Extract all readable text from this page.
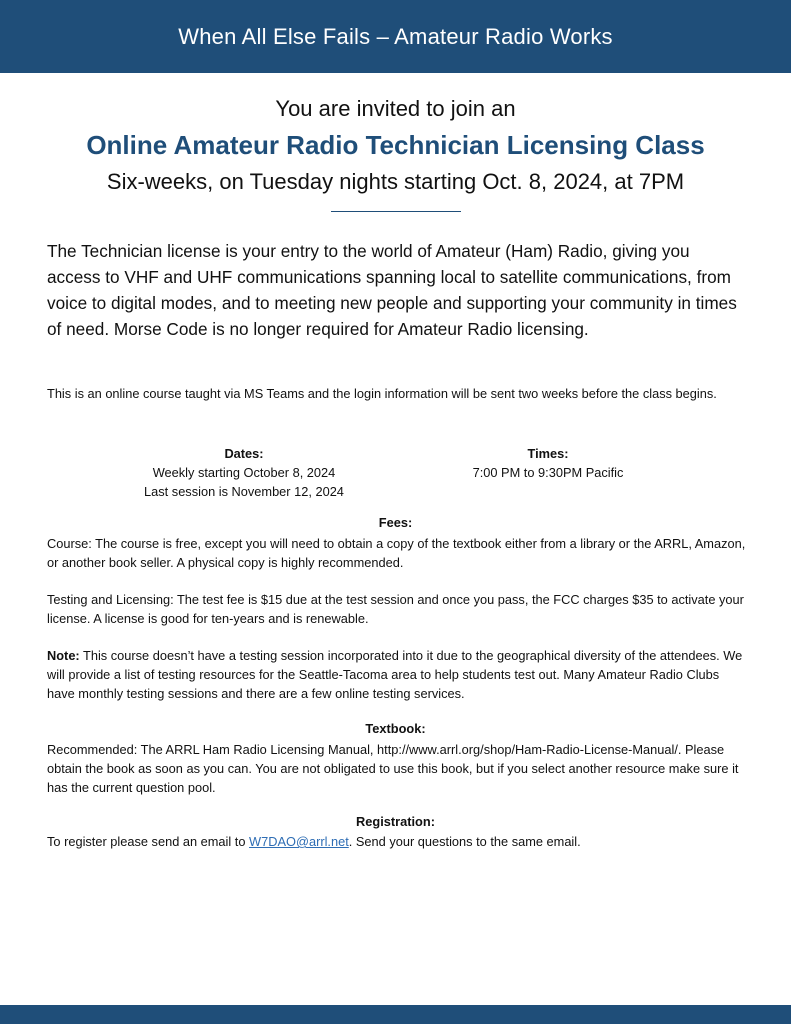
When All Else Fails – Amateur Radio Works
You are invited to join an
Online Amateur Radio Technician Licensing Class
Six-weeks, on Tuesday nights starting Oct. 8, 2024, at 7PM

The Technician license is your entry to the world of Amateur (Ham) Radio, giving you access to VHF and UHF communications spanning local to satellite communications, from voice to digital modes, and to meeting new people and supporting your community in times of need. Morse Code is no longer required for Amateur Radio licensing.

This is an online course taught via MS Teams and the login information will be sent two weeks before the class begins.

Dates:
Weekly starting October 8, 2024
Last session is November 12, 2024
Times:
7:00 PM to 9:30PM Pacific
Fees:

Course: The course is free, except you will need to obtain a copy of the textbook either from a library or the ARRL, Amazon, or another book seller. A physical copy is highly recommended.

Testing and Licensing: The test fee is $15 due at the test session and once you pass, the FCC charges $35 to activate your license. A license is good for ten-years and is renewable.

Note: This course doesn’t have a testing session incorporated into it due to the geographical diversity of the attendees. We will provide a list of testing resources for the Seattle-Tacoma area to help students test out. Many Amateur Radio Clubs have monthly testing sessions and there are a few online testing services.

Textbook:

Recommended: The ARRL Ham Radio Licensing Manual, http://www.arrl.org/shop/Ham-Radio-License-Manual/. Please obtain the book as soon as you can. You are not obligated to use this book, but if you select another resource make sure it has the current question pool.

Registration:

To register please send an email to W7DAO@arrl.net. Send your questions to the same email.
